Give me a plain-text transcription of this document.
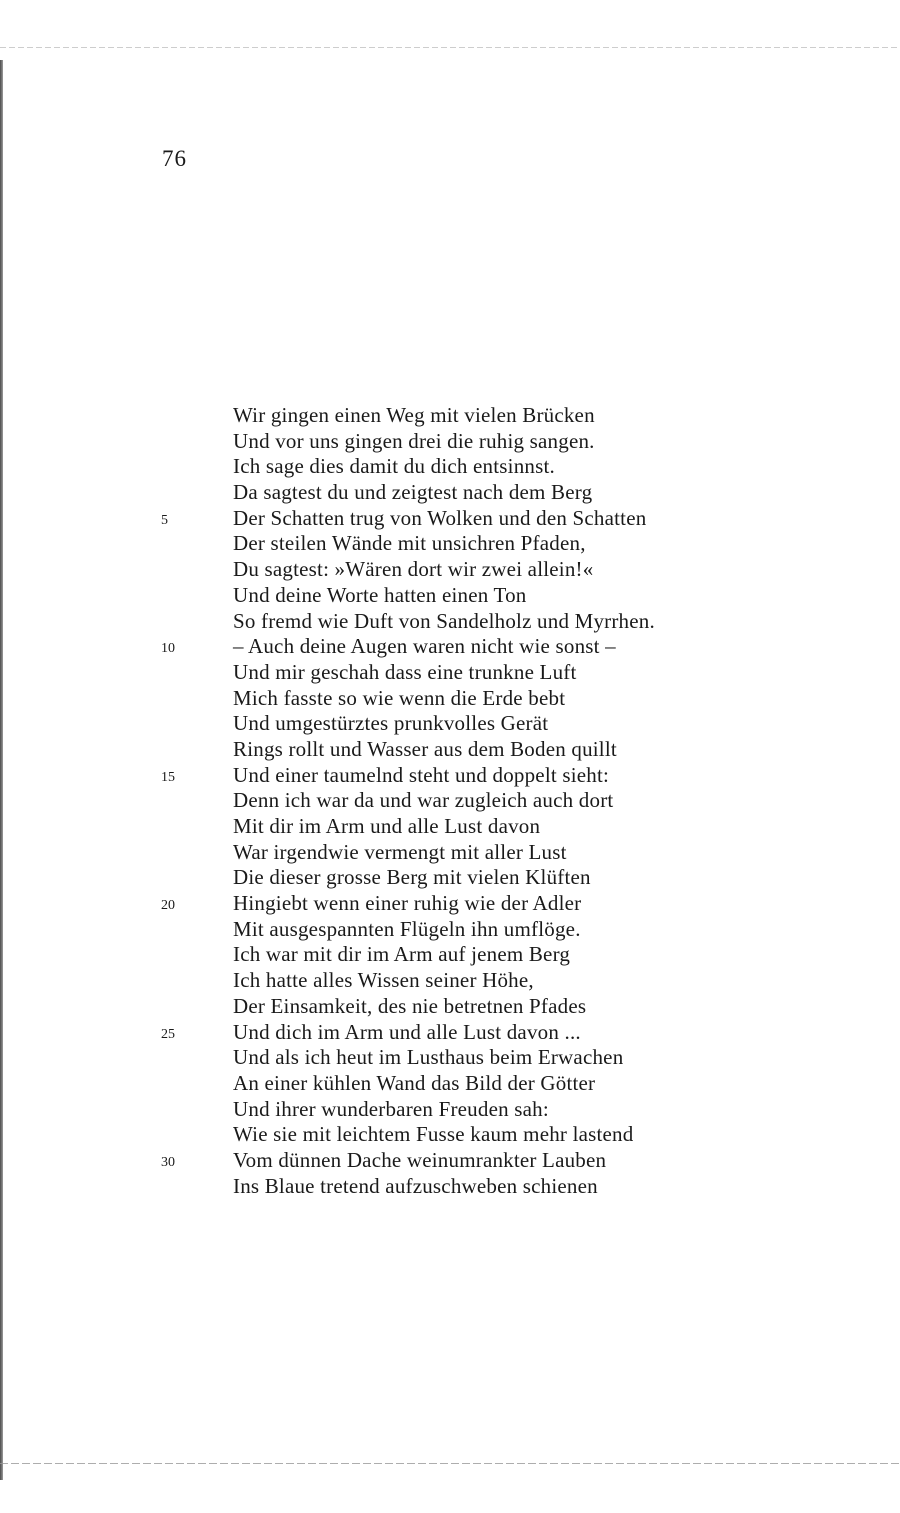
76
Wir gingen einen Weg mit vielen Brücken
Und vor uns gingen drei die ruhig sangen.
Ich sage dies damit du dich entsinnst.
Da sagtest du und zeigtest nach dem Berg
5	Der Schatten trug von Wolken und den Schatten
Der steilen Wände mit unsichren Pfaden,
Du sagtest: »Wären dort wir zwei allein!«
Und deine Worte hatten einen Ton
So fremd wie Duft von Sandelholz und Myrrhen.
10	– Auch deine Augen waren nicht wie sonst –
Und mir geschah dass eine trunkne Luft
Mich fasste so wie wenn die Erde bebt
Und umgestürztes prunkvolles Gerät
Rings rollt und Wasser aus dem Boden quillt
15	Und einer taumelnd steht und doppelt sieht:
Denn ich war da und war zugleich auch dort
Mit dir im Arm und alle Lust davon
War irgendwie vermengt mit aller Lust
Die dieser grosse Berg mit vielen Klüften
20	Hingiebt wenn einer ruhig wie der Adler
Mit ausgespannten Flügeln ihn umflöge.
Ich war mit dir im Arm auf jenem Berg
Ich hatte alles Wissen seiner Höhe,
Der Einsamkeit, des nie betretnen Pfades
25	Und dich im Arm und alle Lust davon ...
Und als ich heut im Lusthaus beim Erwachen
An einer kühlen Wand das Bild der Götter
Und ihrer wunderbaren Freuden sah:
Wie sie mit leichtem Fusse kaum mehr lastend
30	Vom dünnen Dache weinumrankter Lauben
Ins Blaue tretend aufzuschweben schienen
